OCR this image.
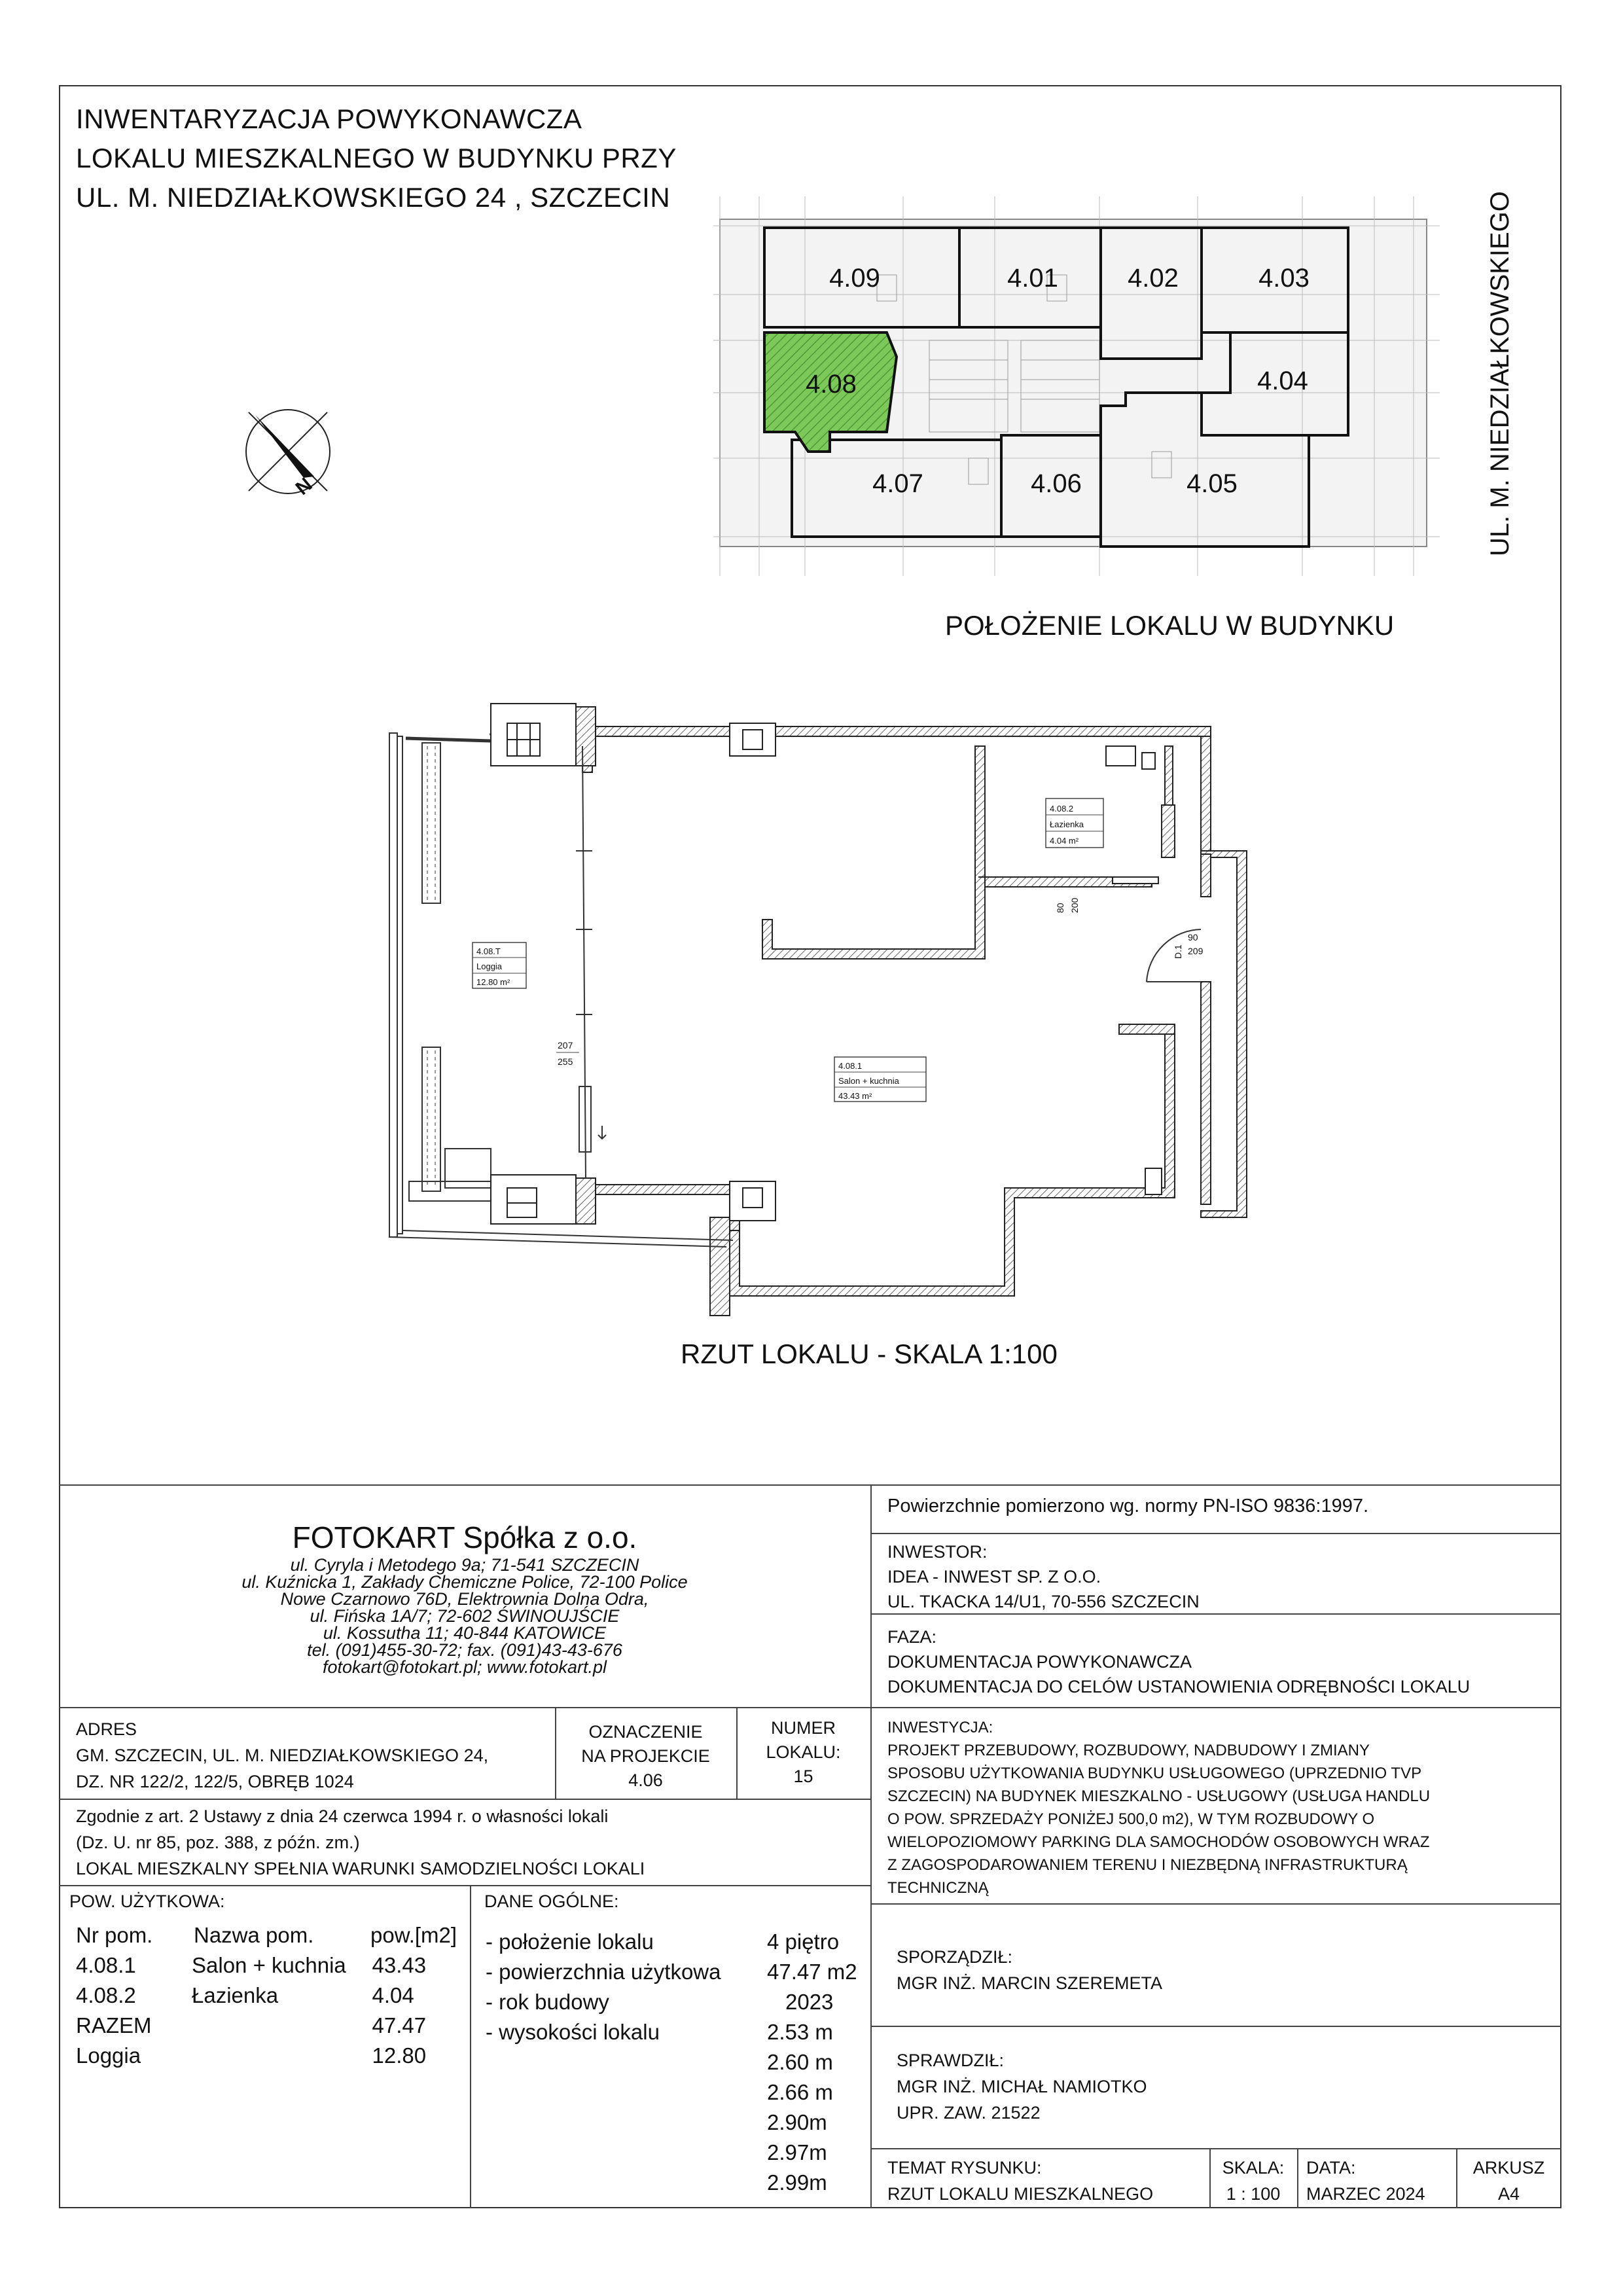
INWENTARYZACJA POWYKONAWCZA
LOKALU MIESZKALNEGO W BUDYNKU PRZY
UL. M. NIEDZIAŁKOWSKIEGO 24 , SZCZECIN
4.09	4.01	4.02	4.03
4.08	4.04
4.07	4.06	4.05
N	UL. M. NIEDZIAŁKOWSKIEGO
POŁOŻENIE LOKALU W BUDYNKU
4.08.T
Loggia
12.80 m²
4.08.1
Salon + kuchnia
43.43 m²
4.08.2
Łazienka
4.04 m²
207
255
80 200
90
209
D.1
RZUT LOKALU - SKALA 1:100
FOTOKART Spółka z o.o.
ul. Cyryla i Metodego 9a; 71-541 SZCZECIN
ul. Kuźnicka 1, Zakłady Chemiczne Police, 72-100 Police
Nowe Czarnowo 76D, Elektrownia Dolna Odra,
ul. Fińska 1A/7; 72-602 ŚWINOUJŚCIE
ul. Kossutha 11; 40-844 KATOWICE
tel. (091)455-30-72; fax. (091)43-43-676
fotokart@fotokart.pl; www.fotokart.pl
Powierzchnie pomierzono wg. normy PN-ISO 9836:1997.
INWESTOR:
IDEA - INWEST SP. Z O.O.
UL. TKACKA 14/U1, 70-556 SZCZECIN
FAZA:
DOKUMENTACJA POWYKONAWCZA
DOKUMENTACJA DO CELÓW USTANOWIENIA ODRĘBNOŚCI LOKALU
INWESTYCJA:
PROJEKT PRZEBUDOWY, ROZBUDOWY, NADBUDOWY I ZMIANY
SPOSOBU UŻYTKOWANIA BUDYNKU USŁUGOWEGO (UPRZEDNIO TVP
SZCZECIN) NA BUDYNEK MIESZKALNO - USŁUGOWY (USŁUGA HANDLU
O POW. SPRZEDAŻY PONIŻEJ 500,0 m2), W TYM ROZBUDOWY O
WIELOPOZIOMOWY PARKING DLA SAMOCHODÓW OSOBOWYCH WRAZ
Z ZAGOSPODAROWANIEM TERENU I NIEZBĘDNĄ INFRASTRUKTURĄ
TECHNICZNĄ
SPORZĄDZIŁ:
MGR INŻ. MARCIN SZEREMETA
SPRAWDZIŁ:
MGR INŻ. MICHAŁ NAMIOTKO
UPR. ZAW. 21522
TEMAT RYSUNKU:
RZUT LOKALU MIESZKALNEGO
SKALA:
1 : 100
DATA:
MARZEC 2024
ARKUSZ
A4
ADRES
GM. SZCZECIN, UL. M. NIEDZIAŁKOWSKIEGO 24,
DZ. NR 122/2, 122/5, OBRĘB 1024
OZNACZENIE
NA PROJEKCIE
4.06
NUMER
LOKALU:
15
Zgodnie z art. 2 Ustawy z dnia 24 czerwca 1994 r. o własności lokali
(Dz. U. nr 85, poz. 388, z późn. zm.)
LOKAL MIESZKALNY SPEŁNIA WARUNKI SAMODZIELNOŚCI LOKALI
POW. UŻYTKOWA:
Nr pom.	Nazwa pom.	pow.[m2]
4.08.1	Salon + kuchnia	43.43
4.08.2	Łazienka	4.04
RAZEM	47.47
Loggia	12.80
DANE OGÓLNE:
- położenie lokalu	4 piętro
- powierzchnia użytkowa	47.47 m2
- rok budowy	2023
- wysokości lokalu	2.53 m
2.60 m
2.66 m
2.90m
2.97m
2.99m
